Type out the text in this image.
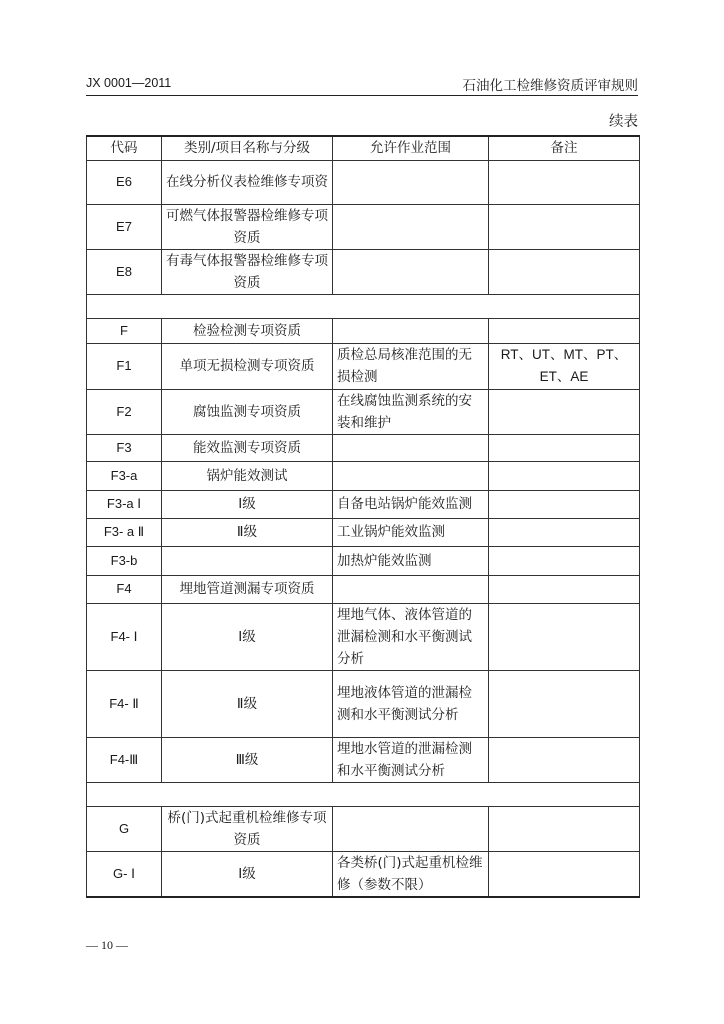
JX 0001—2011	石油化工检维修资质评审规则
续表
代码	类别/项目名称与分级	允许作业范围	备注
E6	在线分析仪表检维修专项资		
E7	可燃气体报警器检维修专项资质		
E8	有毒气体报警器检维修专项资质		

F	检验检测专项资质		
F1	单项无损检测专项资质	质检总局核准范围的无损检测	RT、UT、MT、PT、ET、AE
F2	腐蚀监测专项资质	在线腐蚀监测系统的安装和维护	
F3	能效监测专项资质		
F3-a	锅炉能效测试		
F3-a Ⅰ	Ⅰ级	自备电站锅炉能效监测	
F3- a Ⅱ	Ⅱ级	工业锅炉能效监测	
F3-b		加热炉能效监测	
F4	埋地管道测漏专项资质		
F4- Ⅰ	Ⅰ级	埋地气体、液体管道的泄漏检测和水平衡测试分析	
F4- Ⅱ	Ⅱ级	埋地液体管道的泄漏检测和水平衡测试分析	
F4-Ⅲ	Ⅲ级	埋地水管道的泄漏检测和水平衡测试分析	

G	桥(门)式起重机检维修专项资质		
G- Ⅰ	Ⅰ级	各类桥(门)式起重机检维修（参数不限）	
— 10 —
